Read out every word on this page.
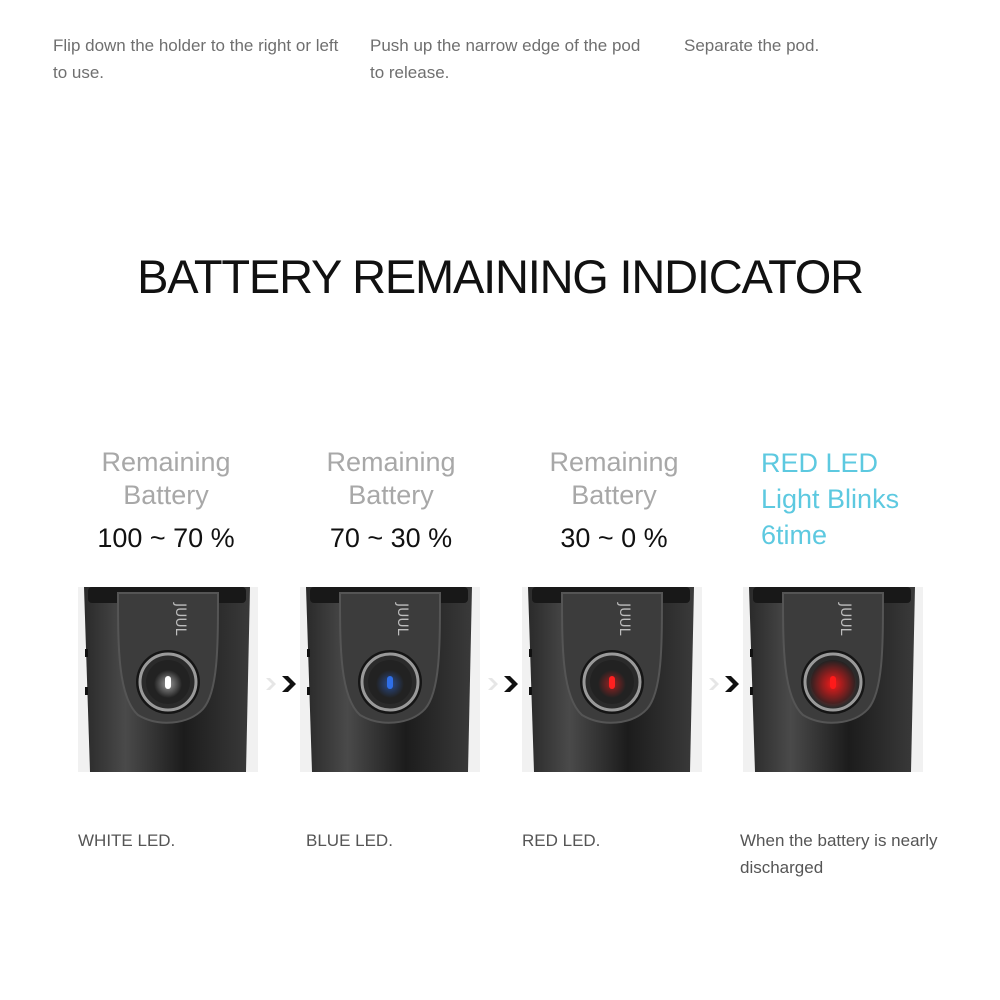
Flip down the holder to the right or left to use.
Push up the narrow edge of the pod to release.
Separate the pod.
BATTERY REMAINING INDICATOR
Remaining
Battery
100 ~ 70 %
Remaining
Battery
70 ~ 30 %
Remaining
Battery
30 ~ 0 %
RED LED
Light Blinks
6time
JUUL	JUUL	JUUL	JUUL
WHITE LED.	BLUE LED.	RED LED.	When the battery is nearly discharged
